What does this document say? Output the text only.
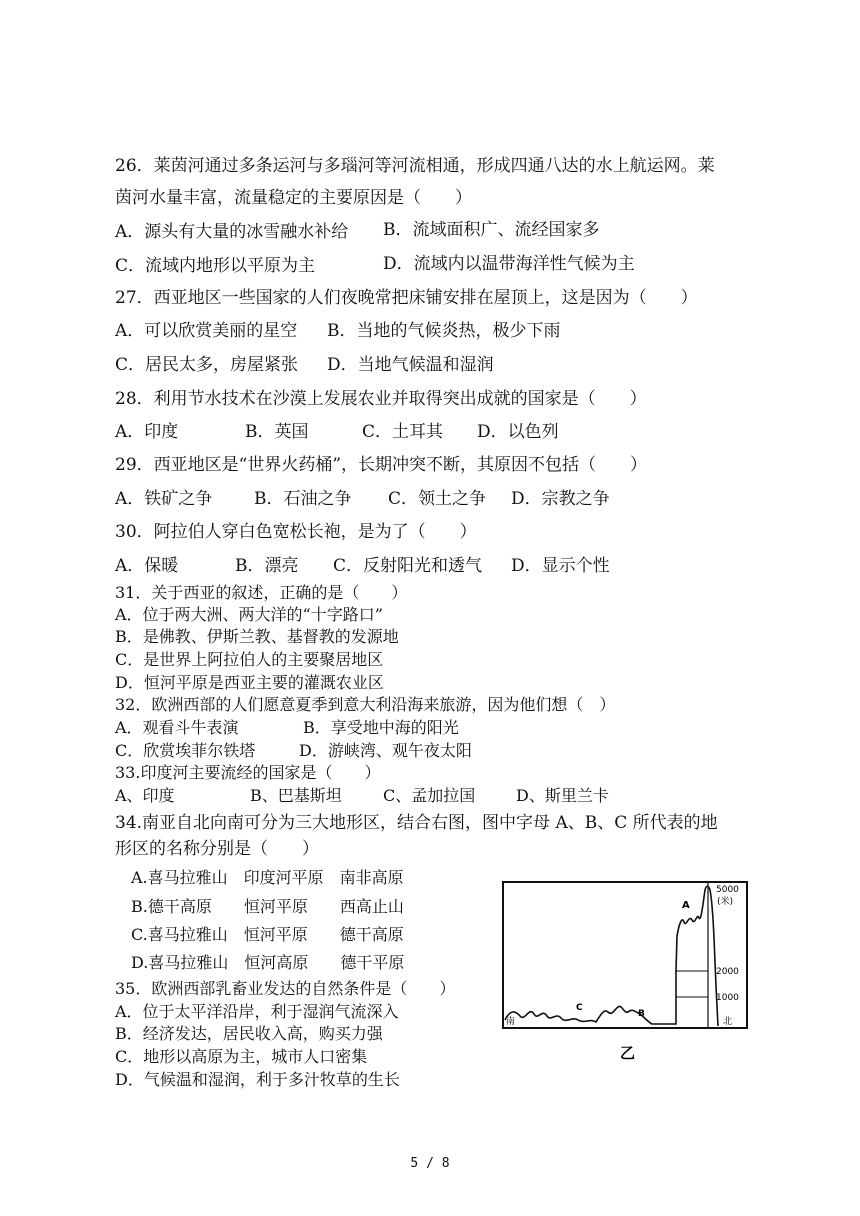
26．莱茵河通过多条运河与多瑙河等河流相通，形成四通八达的水上航运网。莱
茵河水量丰富，流量稳定的主要原因是（　　）
A．源头有大量的冰雪融水补给 B．流域面积广、流经国家多
C．流域内地形以平原为主	D．流域内以温带海洋性气候为主
27．西亚地区一些国家的人们夜晚常把床铺安排在屋顶上，这是因为（　　）
A．可以欣赏美丽的星空 B．当地的气候炎热，极少下雨
C．居民太多，房屋紧张 D．当地气候温和湿润
28．利用节水技术在沙漠上发展农业并取得突出成就的国家是（　　）
A．印度	B．英国	C．土耳其 D．以色列
29．西亚地区是“世界火药桶”，长期冲突不断，其原因不包括（　　）
A．铁矿之争 B．石油之争 C．领土之争 D．宗教之争
30．阿拉伯人穿白色宽松长袍，是为了（　　）
A．保暖	B．漂亮 C．反射阳光和透气 D．显示个性
31．关于西亚的叙述，正确的是（　　）
A．位于两大洲、两大洋的“十字路口”
B．是佛教、伊斯兰教、基督教的发源地
C．是世界上阿拉伯人的主要聚居地区
D．恒河平原是西亚主要的灌溉农业区
32．欧洲西部的人们愿意夏季到意大利沿海来旅游，因为他们想（　）
A．观看斗牛表演	B．享受地中海的阳光
C．欣赏埃菲尔铁塔	D．游峡湾、观午夜太阳
33.印度河主要流经的国家是（　　）
A、印度	B、巴基斯坦	C、孟加拉国	D、斯里兰卡
34.南亚自北向南可分为三大地形区，结合右图，图中字母 A、B、C 所代表的地
形区的名称分别是（　　）
A.喜马拉雅山　印度河平原　南非高原
B.德干高原　　恒河平原　　西高止山
C.喜马拉雅山　恒河平原　　德干高原
D.喜马拉雅山　恒河高原　　德干平原
35．欧洲西部乳畜业发达的自然条件是（　　）
A．位于太平洋沿岸，利于湿润气流深入
B．经济发达，居民收入高，购买力强
C．地形以高原为主，城市人口密集
D．气候温和湿润，利于多汁牧草的生长
A
B
C
5000
(米)
2000
1000
南	北
乙
5 / 8
